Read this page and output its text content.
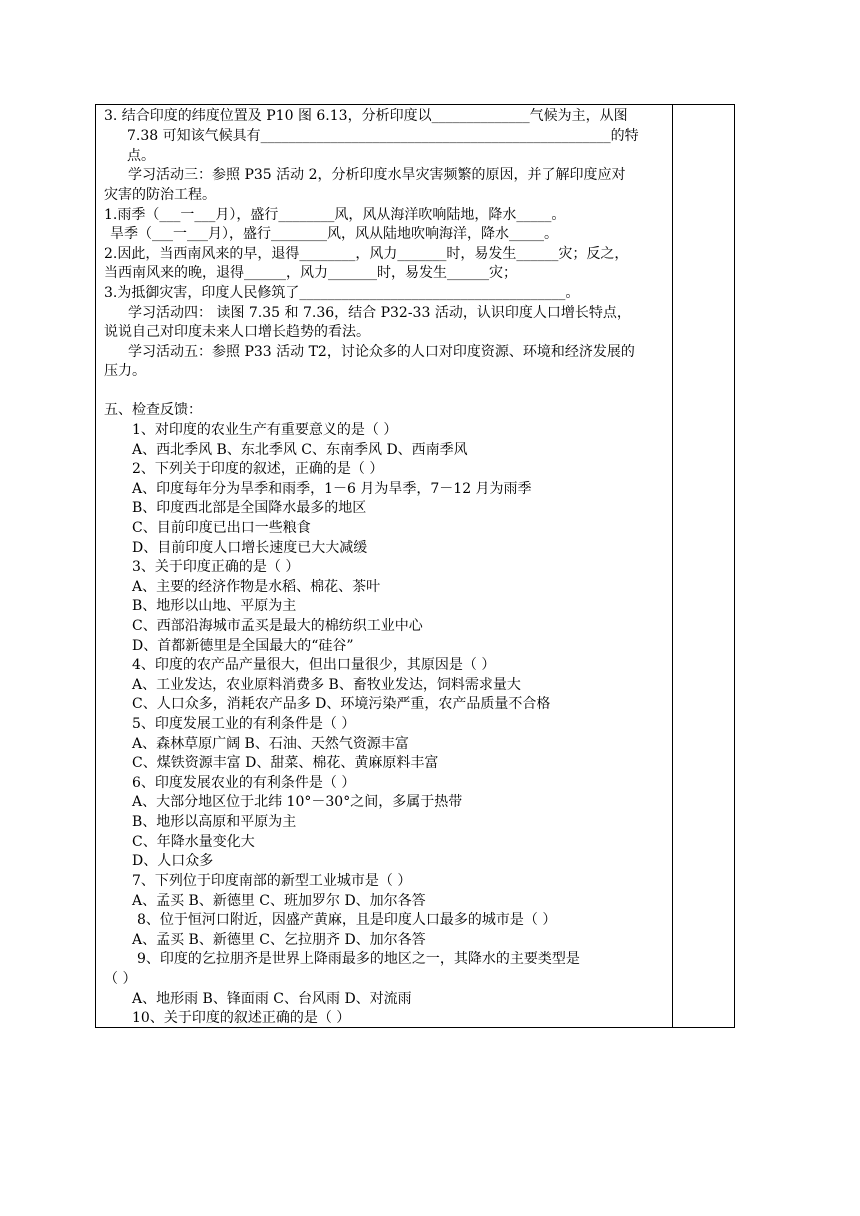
3. 结合印度的纬度位置及 P10 图 6.13，分析印度以______________气候为主，从图
7.38 可知该气候具有__________________________________________________的特
点。
学习活动三：参照 P35 活动 2，分析印度水旱灾害频繁的原因，并了解印度应对
灾害的防治工程。
1.雨季（___一___月），盛行________风，风从海洋吹响陆地，降水_____。
旱季（___一___月），盛行________风，风从陆地吹响海洋，降水_____。
2.因此，当西南风来的早，退得________，风力_______时，易发生______灾；反之，
当西南风来的晚，退得______，风力_______时，易发生______灾；
3.为抵御灾害，印度人民修筑了______________________________________。
学习活动四： 读图 7.35 和 7.36，结合 P32-33 活动，认识印度人口增长特点，
说说自己对印度未来人口增长趋势的看法。
学习活动五：参照 P33 活动 T2，讨论众多的人口对印度资源、环境和经济发展的
压力。
五、检查反馈：
1、对印度的农业生产有重要意义的是（ ）
A、西北季风 B、东北季风 C、东南季风 D、西南季风
2、下列关于印度的叙述，正确的是（ ）
A、印度每年分为旱季和雨季，1－6 月为旱季，7－12 月为雨季
B、印度西北部是全国降水最多的地区
C、目前印度已出口一些粮食
D、目前印度人口增长速度已大大减缓
3、关于印度正确的是（ ）
A、主要的经济作物是水稻、棉花、茶叶
B、地形以山地、平原为主
C、西部沿海城市孟买是最大的棉纺织工业中心
D、首都新德里是全国最大的“硅谷”
4、印度的农产品产量很大，但出口量很少，其原因是（ ）
A、工业发达，农业原料消费多 B、畜牧业发达，饲料需求量大
C、人口众多，消耗农产品多 D、环境污染严重，农产品质量不合格
5、印度发展工业的有利条件是（ ）
A、森林草原广阔 B、石油、天然气资源丰富
C、煤铁资源丰富 D、甜菜、棉花、黄麻原料丰富
6、印度发展农业的有利条件是（ ）
A、大部分地区位于北纬 10°－30°之间，多属于热带
B、地形以高原和平原为主
C、年降水量变化大
D、人口众多
7、下列位于印度南部的新型工业城市是（ ）
A、孟买 B、新德里 C、班加罗尔 D、加尔各答
8、位于恒河口附近，因盛产黄麻，且是印度人口最多的城市是（ ）
A、孟买 B、新德里 C、乞拉朋齐 D、加尔各答
9、印度的乞拉朋齐是世界上降雨最多的地区之一，其降水的主要类型是
（ ）
A、地形雨 B、锋面雨 C、台风雨 D、对流雨
10、关于印度的叙述正确的是（ ）
